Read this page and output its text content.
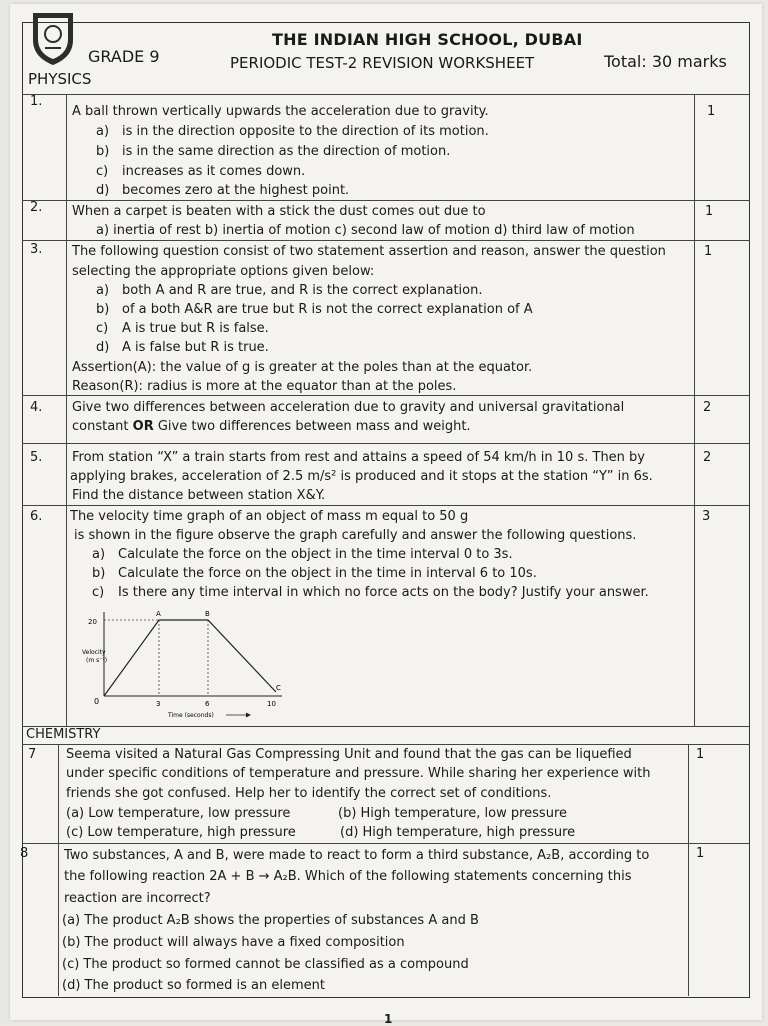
THE INDIAN HIGH SCHOOL, DUBAI
GRADE 9	PERIODIC TEST-2 REVISION WORKSHEET	Total: 30 marks
PHYSICS
1.
1
A ball thrown vertically upwards the acceleration due to gravity.
a) is in the direction opposite to the direction of its motion.
b) is in the same direction as the direction of motion.
c) increases as it comes down.
d) becomes zero at the highest point.
2.	1
When a carpet is beaten with a stick the dust comes out due to
a) inertia of rest b) inertia of motion c) second law of motion d) third law of motion
3.	1
The following question consist of two statement assertion and reason, answer the question
selecting the appropriate options given below:
a) both A and R are true, and R is the correct explanation.
b) of a both A&R are true but R is not the correct explanation of A
c) A is true but R is false.
d) A is false but R is true.
Assertion(A): the value of g is greater at the poles than at the equator.
Reason(R): radius is more at the equator than at the poles.
4.	2
Give two differences between acceleration due to gravity and universal gravitational
constant OR Give two differences between mass and weight.
5.	2
From station “X” a train starts from rest and attains a speed of 54 km/h in 10 s. Then by
applying brakes, acceleration of 2.5 m/s² is produced and it stops at the station “Y” in 6s.
Find the distance between station X&Y.
6.	3
The velocity time graph of an object of mass m equal to 50 g
is shown in the figure observe the graph carefully and answer the following questions.
a) Calculate the force on the object in the time interval 0 to 3s.
b) Calculate the force on the object in the time in interval 6 to 10s.
c) Is there any time interval in which no force acts on the body? Justify your answer.
20
Velocity
(m s⁻¹)
0	3	6	10
Time (seconds)
A	B
C
CHEMISTRY
7	1
Seema visited a Natural Gas Compressing Unit and found that the gas can be liquefied
under specific conditions of temperature and pressure. While sharing her experience with
friends she got confused. Help her to identify the correct set of conditions.
(a) Low temperature, low pressure	(b) High temperature, low pressure
(c) Low temperature, high pressure	(d) High temperature, high pressure
8	1
Two substances, A and B, were made to react to form a third substance, A₂B, according to
the following reaction 2A + B → A₂B. Which of the following statements concerning this
reaction are incorrect?
(a) The product A₂B shows the properties of substances A and B
(b) The product will always have a fixed composition
(c) The product so formed cannot be classified as a compound
(d) The product so formed is an element
1
